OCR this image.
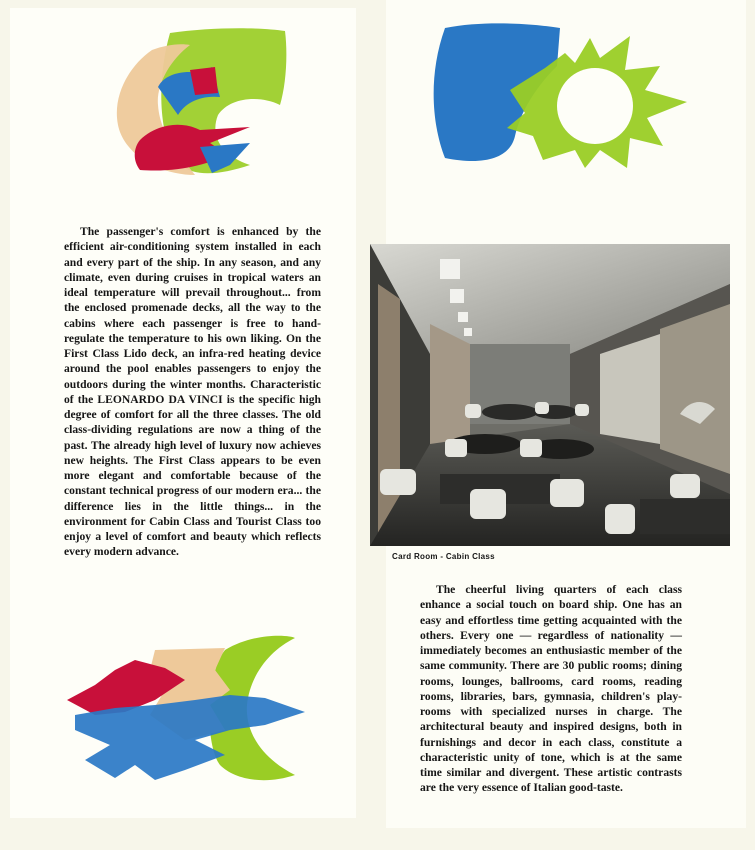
The passenger's comfort is enhanced by the efficient air-conditioning system installed in each and every part of the ship. In any season, and any climate, even during cruises in tropical waters an ideal temperature will prevail throughout... from the enclosed promenade decks, all the way to the cabins where each passenger is free to hand-regulate the temperature to his own liking. On the First Class Lido deck, an infra-red heating device around the pool enables passengers to enjoy the outdoors during the winter months. Characteristic of the LEONARDO DA VINCI is the specific high degree of comfort for all the three classes. The old class-dividing regulations are now a thing of the past. The already high level of luxury now achieves new heights. The First Class appears to be even more elegant and comfortable because of the constant technical progress of our modern era... the difference lies in the little things... in the environment for Cabin Class and Tourist Class too enjoy a level of comfort and beauty which reflects every modern advance.	Card Room - Cabin Class

The cheerful living quarters of each class enhance a social touch on board ship. One has an easy and effortless time getting acquainted with the others. Every one — regardless of nationality — immediately becomes an enthusiastic member of the same community. There are 30 public rooms; dining rooms, lounges, ballrooms, card rooms, reading rooms, libraries, bars, gymnasia, children's play-rooms with specialized nurses in charge. The architectural beauty and inspired designs, both in furnishings and decor in each class, constitute a characteristic unity of tone, which is at the same time similar and divergent. These artistic contrasts are the very essence of Italian good-taste.
